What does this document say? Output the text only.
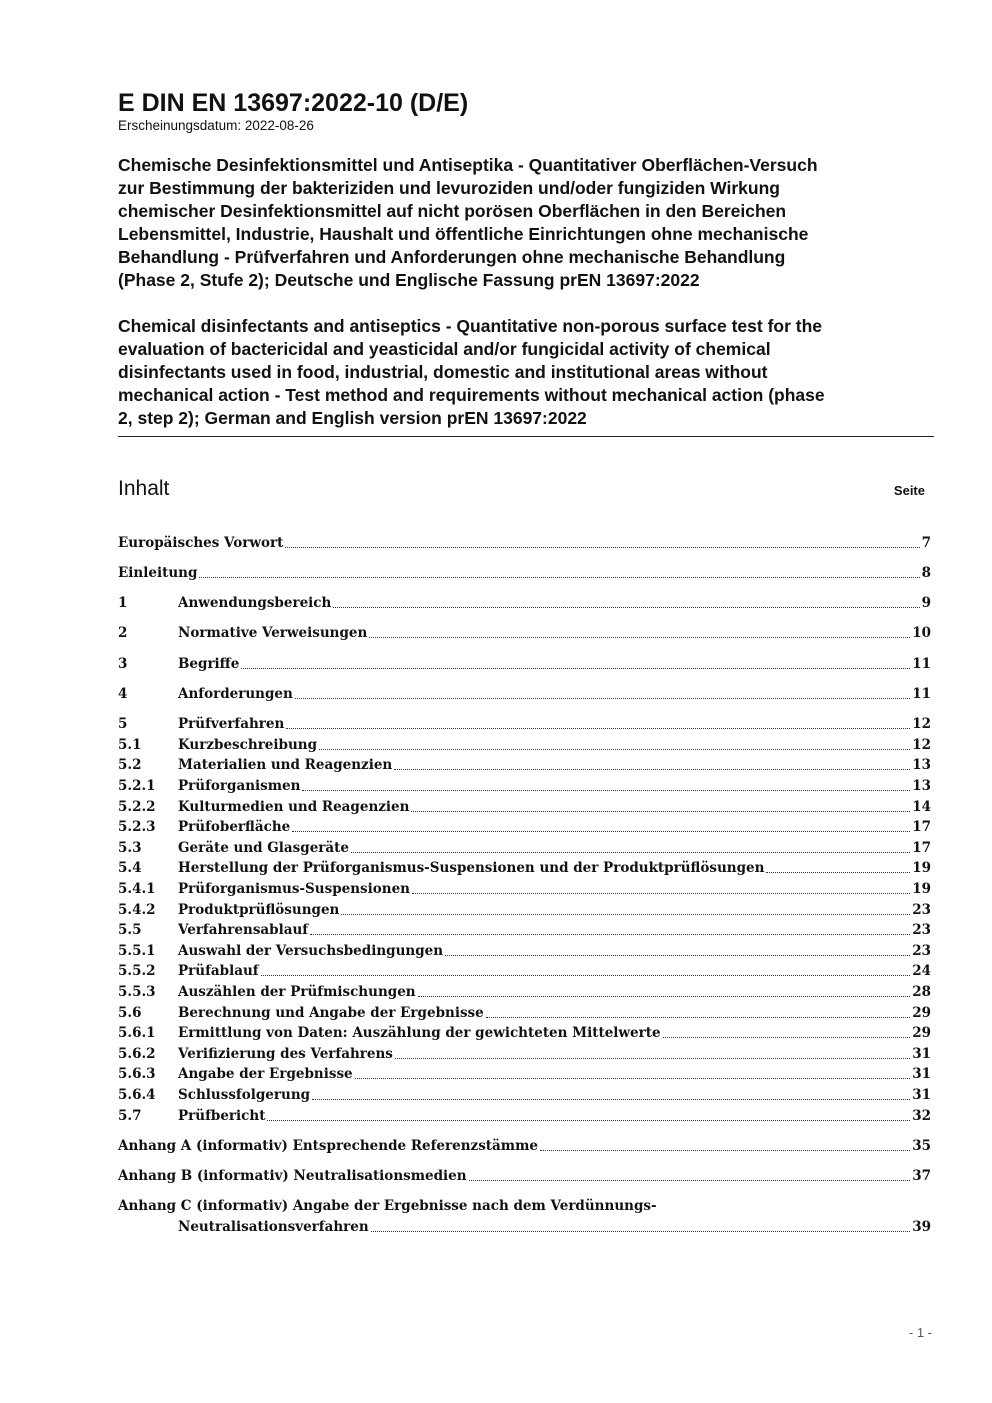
E DIN EN 13697:2022-10 (D/E)

Erscheinungsdatum: 2022-08-26

Chemische Desinfektionsmittel und Antiseptika - Quantitativer Oberflächen-Versuch
zur Bestimmung der bakteriziden und levuroziden und/oder fungiziden Wirkung
chemischer Desinfektionsmittel auf nicht porösen Oberflächen in den Bereichen
Lebensmittel, Industrie, Haushalt und öffentliche Einrichtungen ohne mechanische
Behandlung - Prüfverfahren und Anforderungen ohne mechanische Behandlung
(Phase 2, Stufe 2); Deutsche und Englische Fassung prEN 13697:2022
Chemical disinfectants and antiseptics - Quantitative non-porous surface test for the
evaluation of bactericidal and yeasticidal and/or fungicidal activity of chemical
disinfectants used in food, industrial, domestic and institutional areas without
mechanical action - Test method and requirements without mechanical action (phase
2, step 2); German and English version prEN 13697:2022
Inhalt	Seite
Europäisches Vorwort	7
Einleitung	8
1	Anwendungsbereich	9
2	Normative Verweisungen	10
3	Begriffe	11
4	Anforderungen	11
5	Prüfverfahren	12
5.1	Kurzbeschreibung	12
5.2	Materialien und Reagenzien	13
5.2.1	Prüforganismen	13
5.2.2	Kulturmedien und Reagenzien	14
5.2.3	Prüfoberfläche	17
5.3	Geräte und Glasgeräte	17
5.4	Herstellung der Prüforganismus-Suspensionen und der Produktprüflösungen	19
5.4.1	Prüforganismus-Suspensionen	19
5.4.2	Produktprüflösungen	23
5.5	Verfahrensablauf	23
5.5.1	Auswahl der Versuchsbedingungen	23
5.5.2	Prüfablauf	24
5.5.3	Auszählen der Prüfmischungen	28
5.6	Berechnung und Angabe der Ergebnisse	29
5.6.1	Ermittlung von Daten: Auszählung der gewichteten Mittelwerte	29
5.6.2	Verifizierung des Verfahrens	31
5.6.3	Angabe der Ergebnisse	31
5.6.4	Schlussfolgerung	31
5.7	Prüfbericht	32
Anhang A (informativ) Entsprechende Referenzstämme	35
Anhang B (informativ) Neutralisationsmedien	37
Anhang C (informativ) Angabe der Ergebnisse nach dem Verdünnungs-
Neutralisationsverfahren	39
- 1 -
